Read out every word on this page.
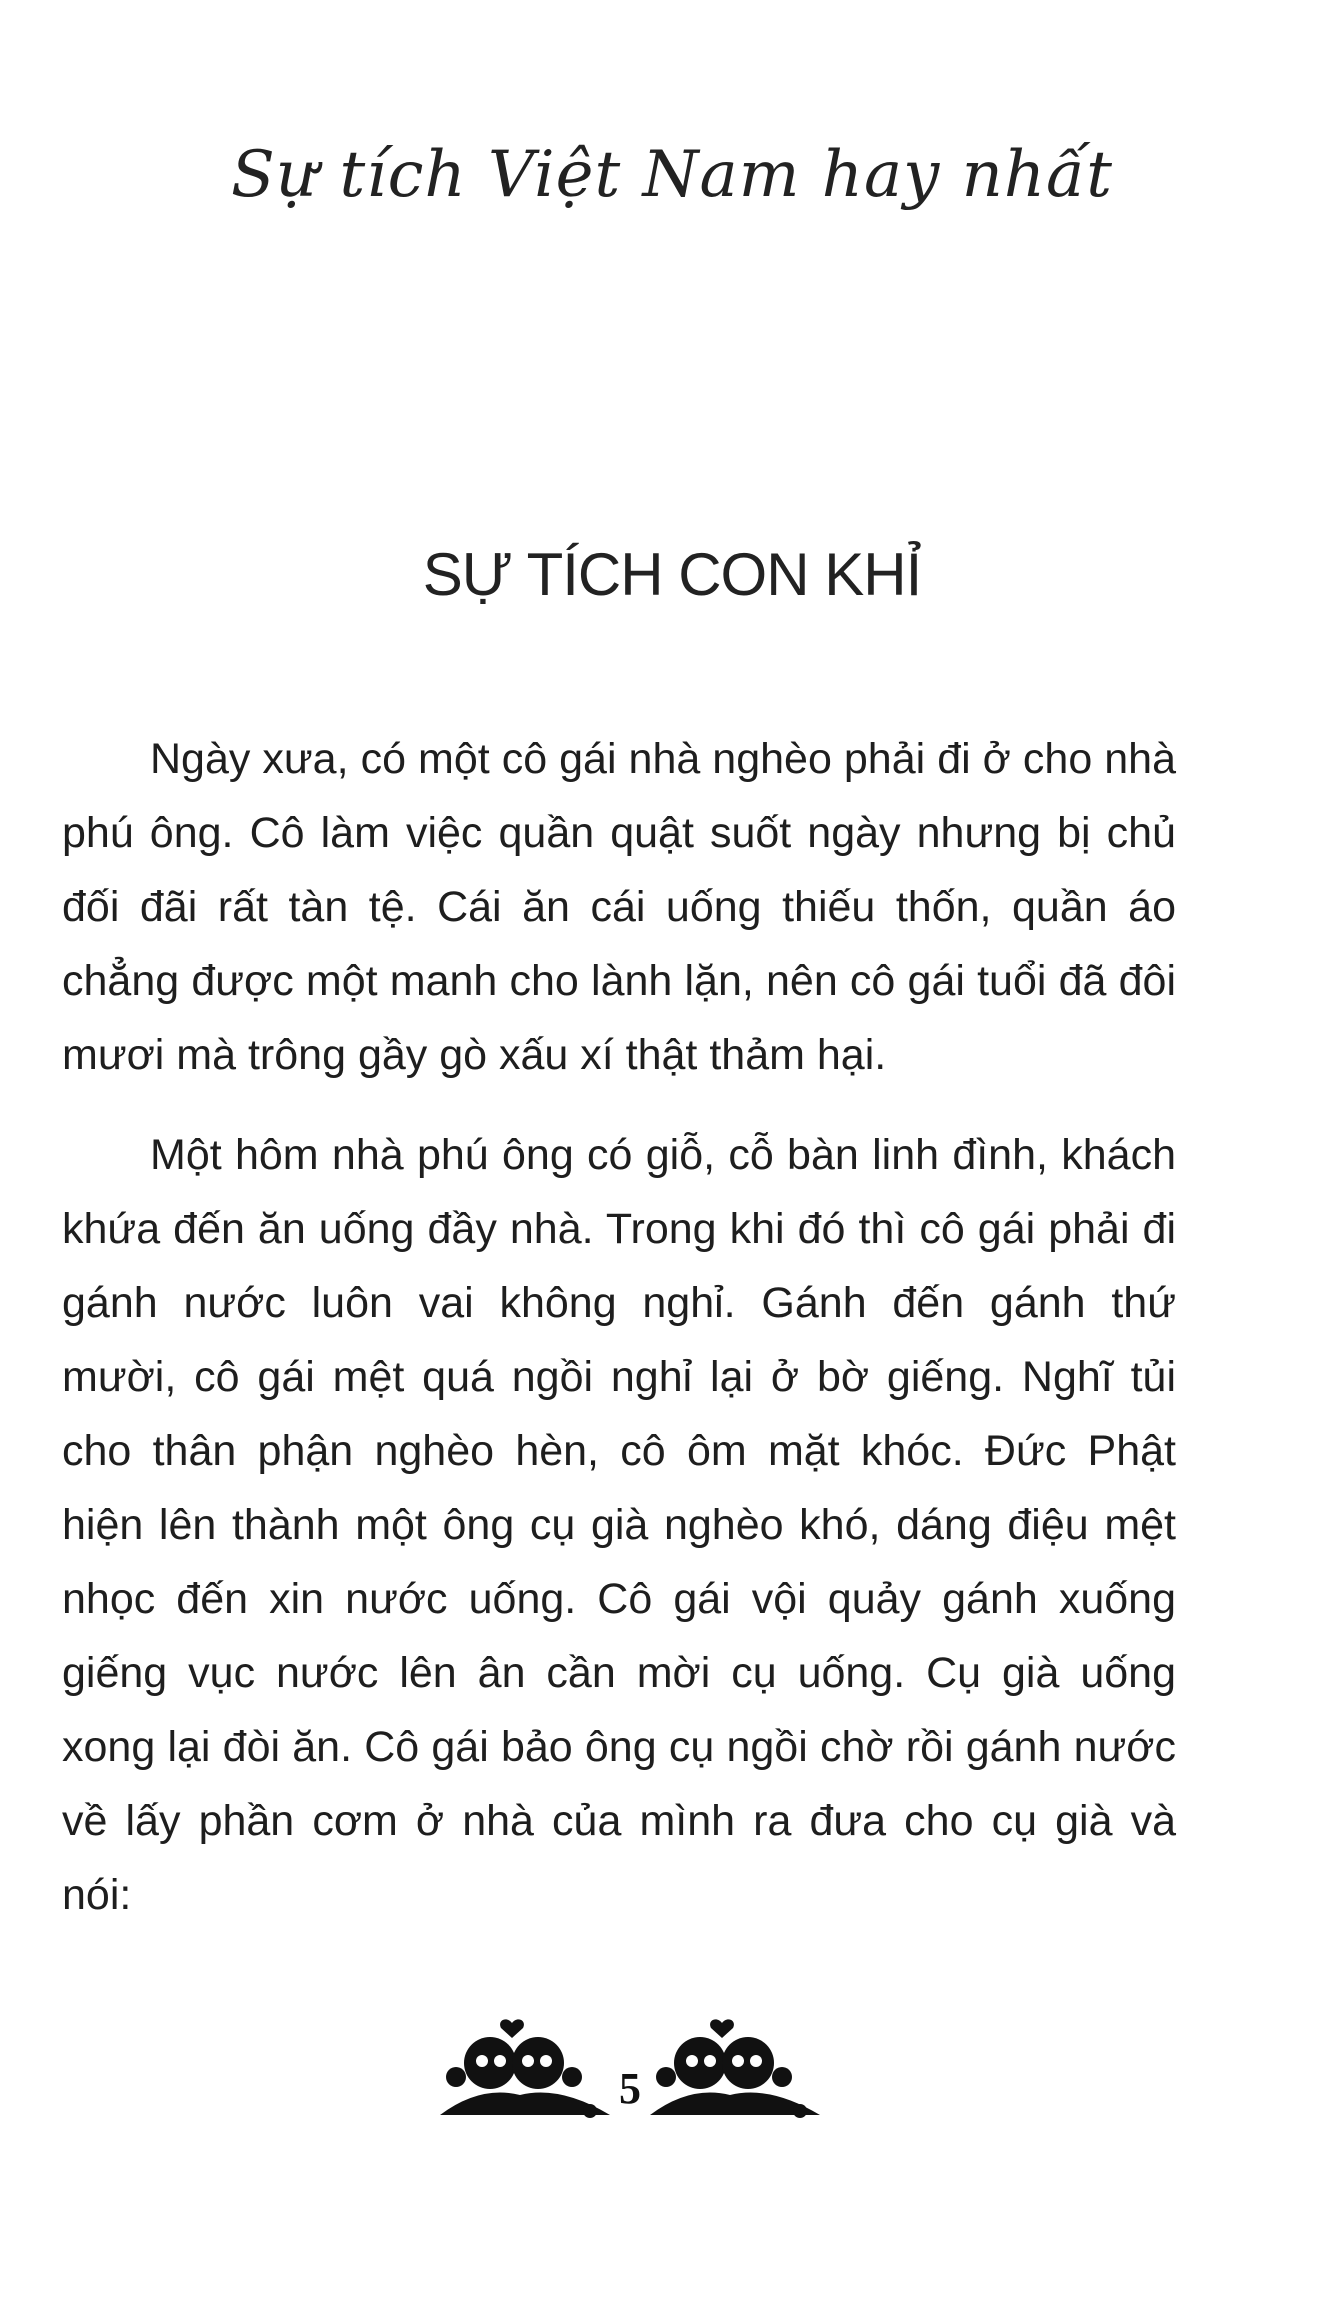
Sự tích Việt Nam hay nhất
SỰ TÍCH CON KHỈ

Ngày xưa, có một cô gái nhà nghèo phải đi ở cho nhà phú ông. Cô làm việc quần quật suốt ngày nhưng bị chủ đối đãi rất tàn tệ. Cái ăn cái uống thiếu thốn, quần áo chẳng được một manh cho lành lặn, nên cô gái tuổi đã đôi mươi mà trông gầy gò xấu xí thật thảm hại.

Một hôm nhà phú ông có giỗ, cỗ bàn linh đình, khách khứa đến ăn uống đầy nhà. Trong khi đó thì cô gái phải đi gánh nước luôn vai không nghỉ. Gánh đến gánh thứ mười, cô gái mệt quá ngồi nghỉ lại ở bờ giếng. Nghĩ tủi cho thân phận nghèo hèn, cô ôm mặt khóc. Đức Phật hiện lên thành một ông cụ già nghèo khó, dáng điệu mệt nhọc đến xin nước uống. Cô gái vội quảy gánh xuống giếng vục nước lên ân cần mời cụ uống. Cụ già uống xong lại đòi ăn. Cô gái bảo ông cụ ngồi chờ rồi gánh nước về lấy phần cơm ở nhà của mình ra đưa cho cụ già và nói:

5
